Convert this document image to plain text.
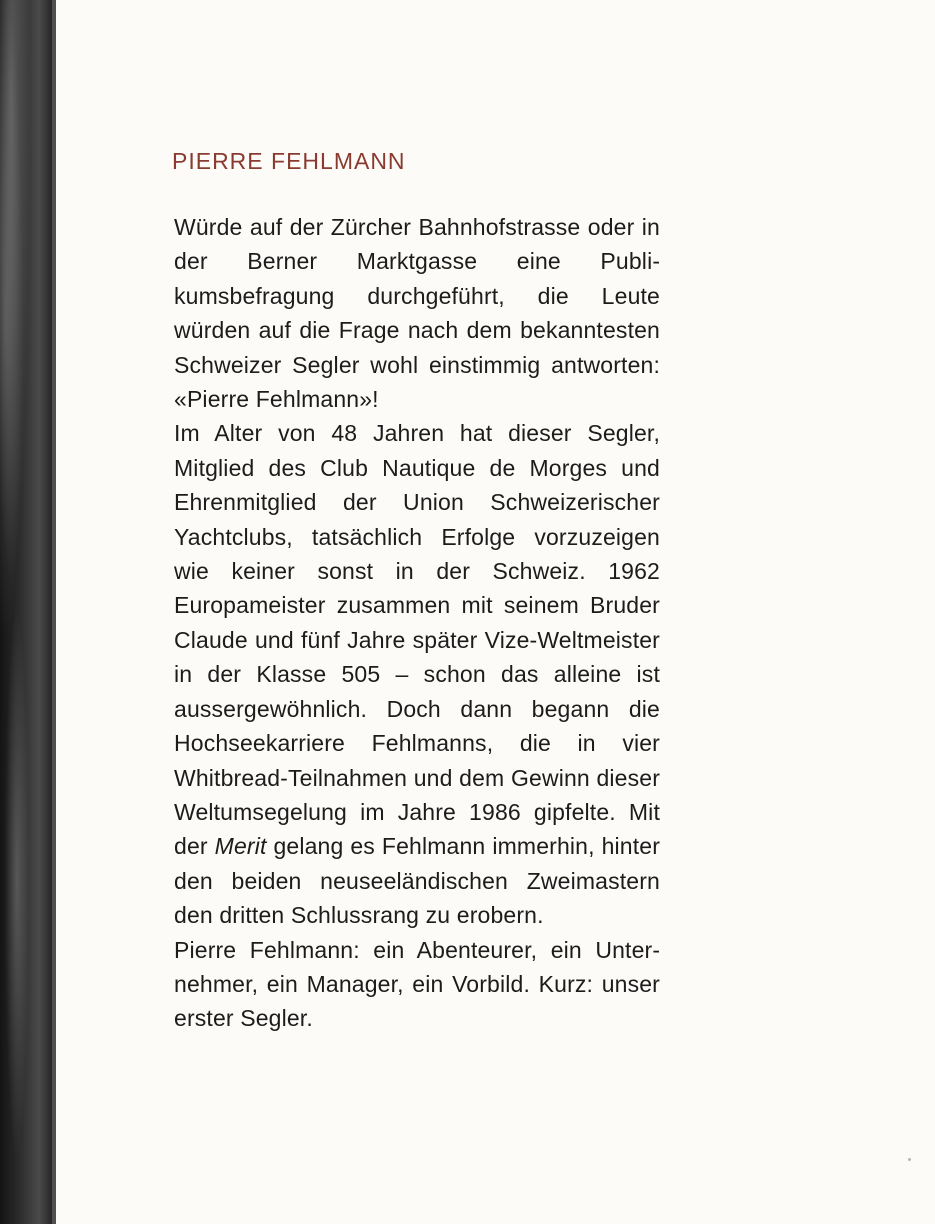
PIERRE FEHLMANN

Würde auf der Zürcher Bahnhofstrasse oder in der Berner Marktgasse eine Publikumsbefragung durchgeführt, die Leute würden auf die Frage nach dem bekanntesten Schweizer Segler wohl einstimmig antworten: «Pierre Fehlmann»!

Im Alter von 48 Jahren hat dieser Segler, Mitglied des Club Nautique de Morges und Ehrenmitglied der Union Schweizerischer Yachtclubs, tatsächlich Erfolge vorzuzeigen wie keiner sonst in der Schweiz. 1962 Europameister zusammen mit seinem Bruder Claude und fünf Jahre später Vize-Weltmeister in der Klasse 505 – schon das alleine ist aussergewöhnlich. Doch dann begann die Hochseekarriere Fehlmanns, die in vier Whitbread-Teilnahmen und dem Gewinn dieser Weltumsegelung im Jahre 1986 gipfelte. Mit der Merit gelang es Fehlmann immerhin, hinter den beiden neuseeländischen Zweimastern den dritten Schlussrang zu erobern.

Pierre Fehlmann: ein Abenteurer, ein Unternehmer, ein Manager, ein Vorbild. Kurz: unser erster Segler.
